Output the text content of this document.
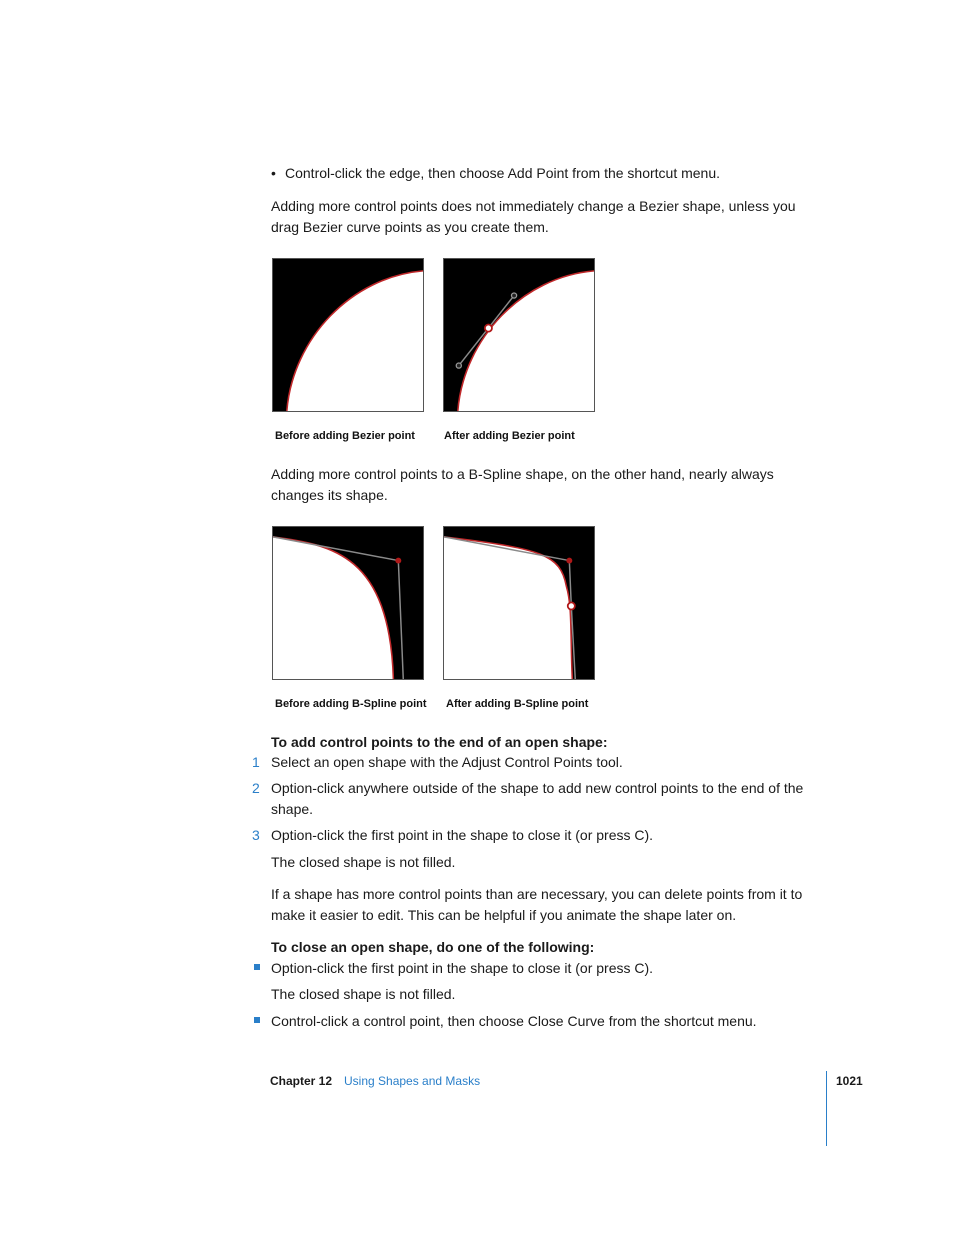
• Control-click the edge, then choose Add Point from the shortcut menu.
Adding more control points does not immediately change a Bezier shape, unless you drag Bezier curve points as you create them.
Before adding Bezier point	After adding Bezier point
Adding more control points to a B-Spline shape, on the other hand, nearly always changes its shape.
Before adding B-Spline point After adding B-Spline point
To add control points to the end of an open shape:
1 Select an open shape with the Adjust Control Points tool.
2 Option-click anywhere outside of the shape to add new control points to the end of the shape.
3 Option-click the first point in the shape to close it (or press C).
The closed shape is not filled.
If a shape has more control points than are necessary, you can delete points from it to make it easier to edit. This can be helpful if you animate the shape later on.
To close an open shape, do one of the following:
Option-click the first point in the shape to close it (or press C).
The closed shape is not filled.
Control-click a control point, then choose Close Curve from the shortcut menu.
Chapter 12 Using Shapes and Masks	1021
